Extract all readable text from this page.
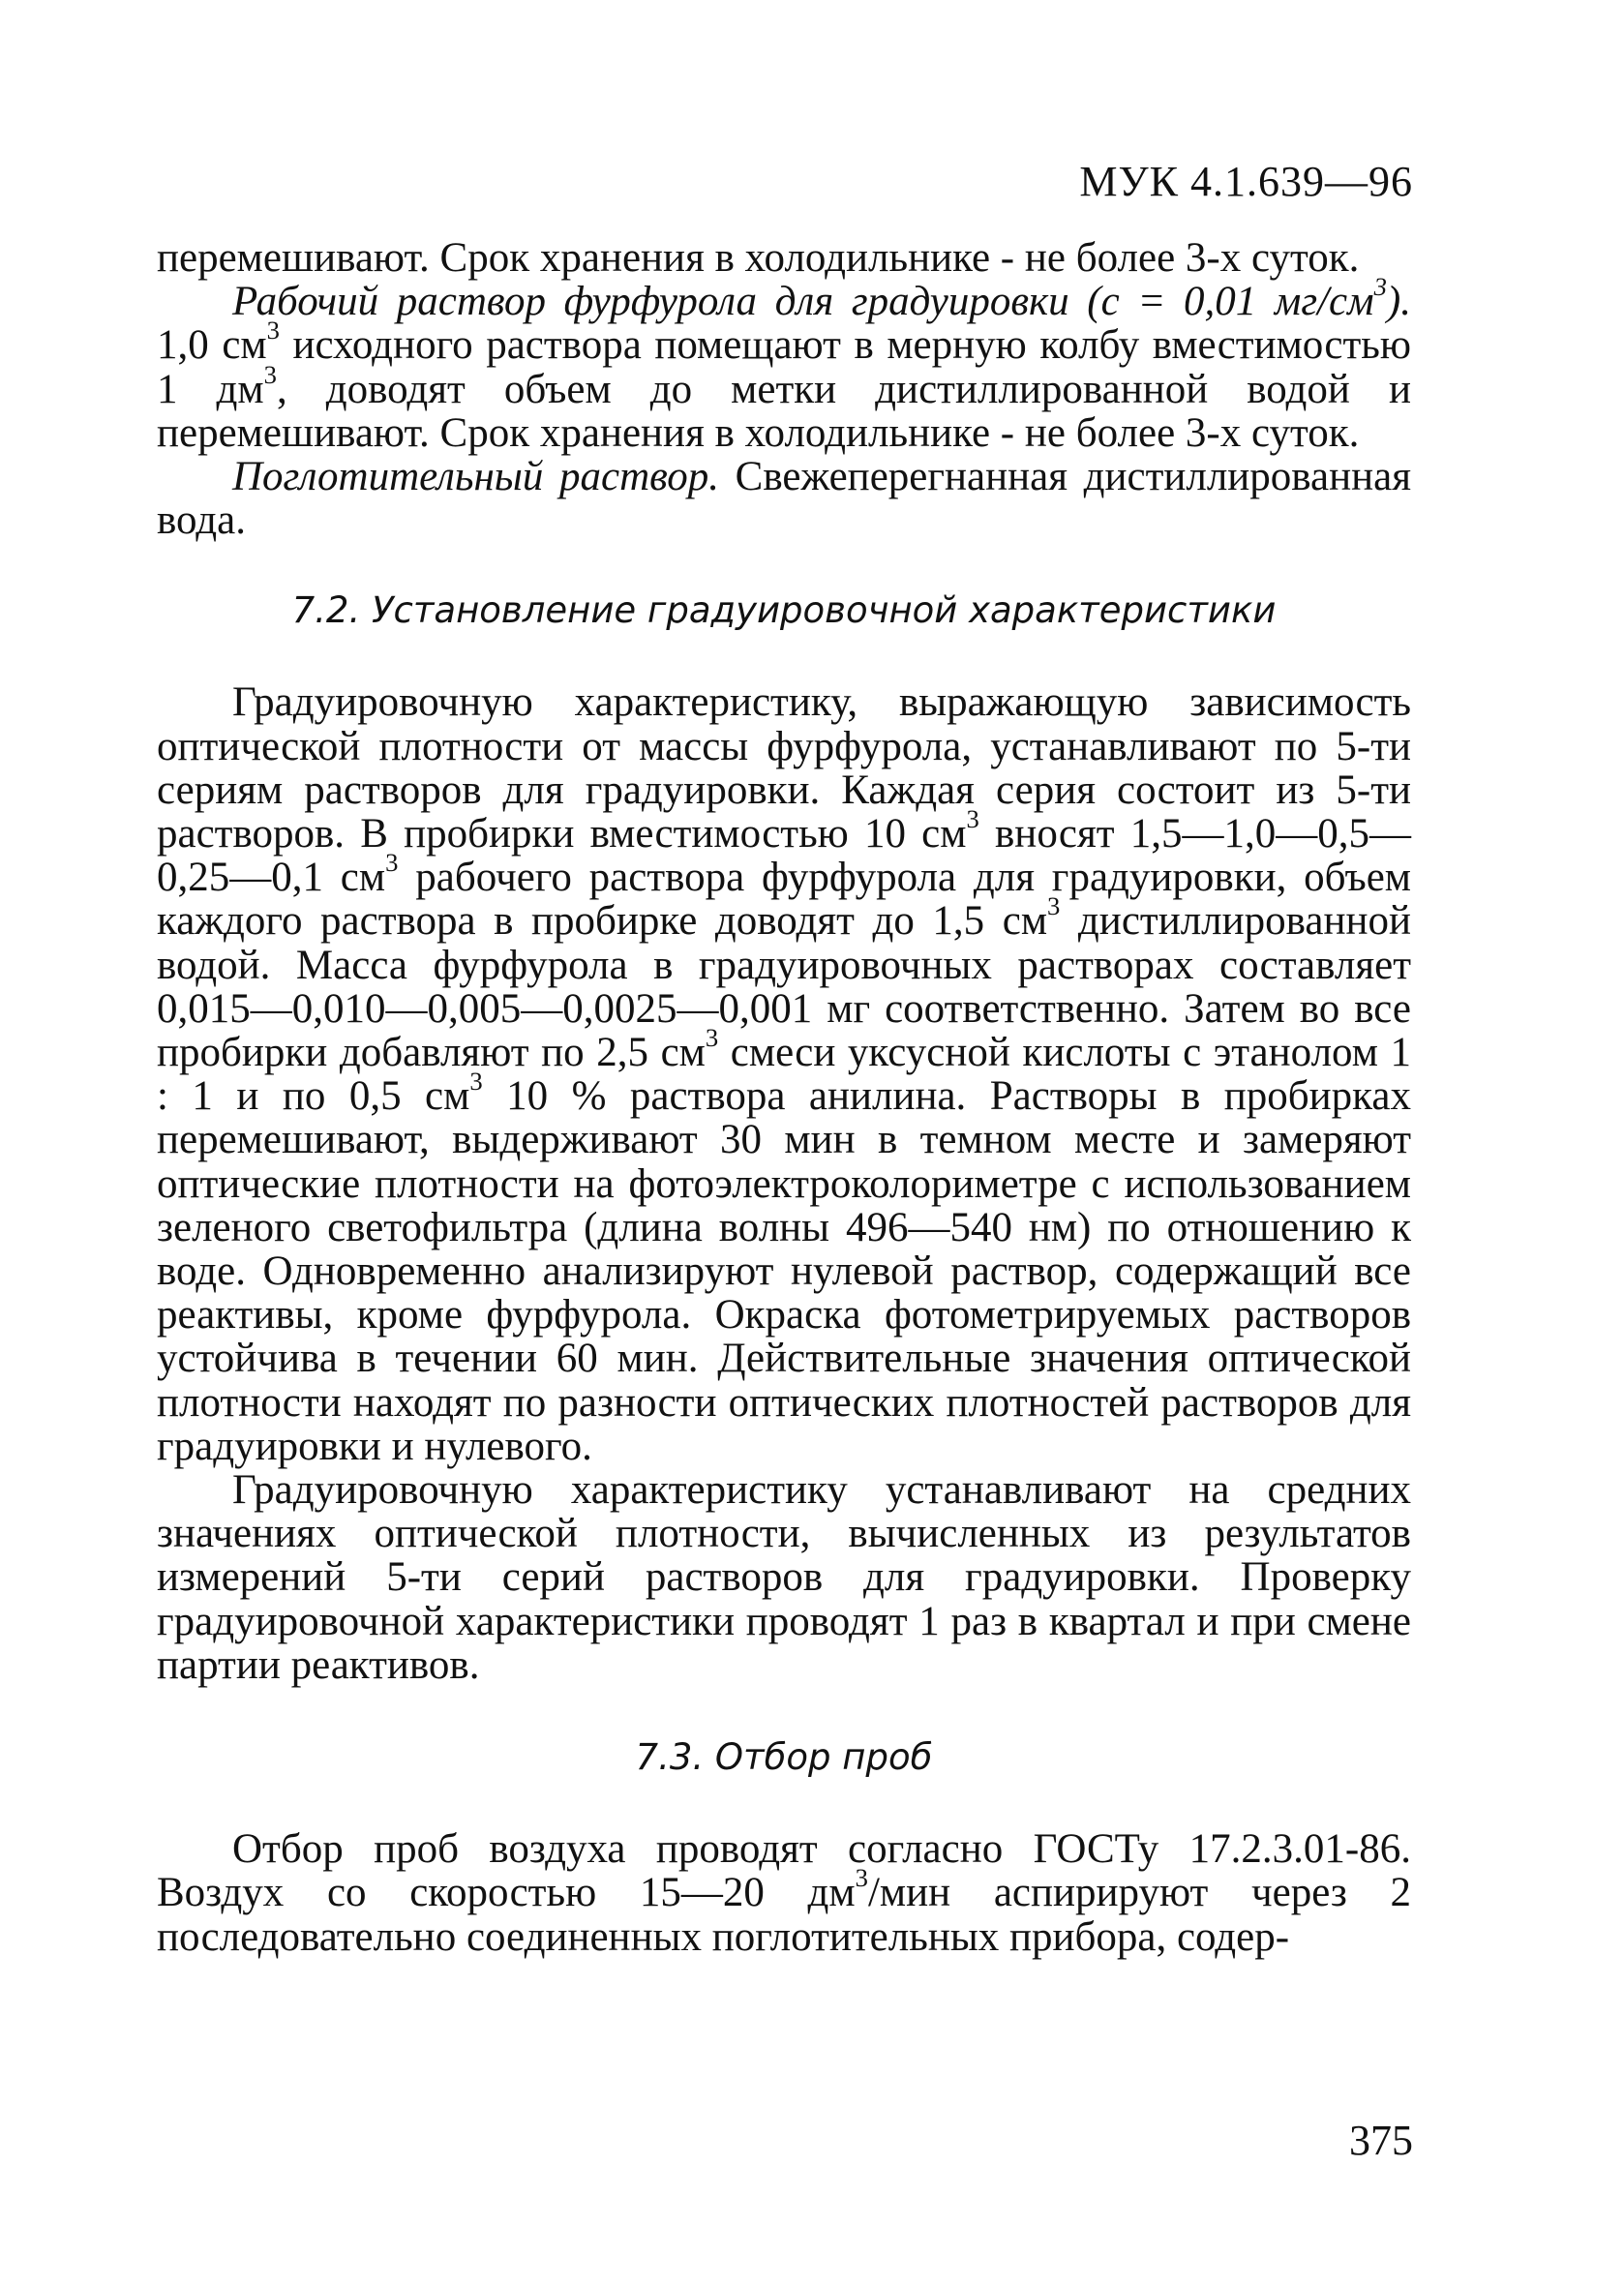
МУК 4.1.639—96

перемешивают. Срок хранения в холодильнике - не более 3-х суток.

Рабочий раствор фурфурола для градуировки (с = 0,01 $мг/см^3$). 1,0 $см^3$ исходного раствора помещают в мерную колбу вместимостью 1 $дм^3$, доводят объем до метки дистиллированной водой и перемешивают. Срок хранения в холодильнике - не более 3-х суток.

Поглотительный раствор. Свежеперегнанная дистиллированная вода.

7.2. Установление градуировочной характеристики

Градуировочную характеристику, выражающую зависимость оптической плотности от массы фурфурола, устанавливают по 5-ти сериям растворов для градуировки. Каждая серия состоит из 5-ти растворов. В пробирки вместимостью 10 $см^3$ вносят 1,5—1,0—0,5—0,25—0,1 $см^3$ рабочего раствора фурфурола для градуировки, объем каждого раствора в пробирке доводят до 1,5 $см^3$ дистиллированной водой. Масса фурфурола в градуировочных растворах составляет 0,015—0,010—0,005—0,0025—0,001 мг соответственно. Затем во все пробирки добавляют по 2,5 $см^3$ смеси уксусной кислоты с этанолом 1 : 1 и по 0,5 $см^3$ 10 % раствора анилина. Растворы в пробирках перемешивают, выдерживают 30 мин в темном месте и замеряют оптические плотности на фотоэлектроколориметре с использованием зеленого светофильтра (длина волны 496—540 нм) по отношению к воде. Одновременно анализируют нулевой раствор, содержащий все реактивы, кроме фурфурола. Окраска фотометрируемых растворов устойчива в течении 60 мин. Действительные значения оптической плотности находят по разности оптических плотностей растворов для градуировки и нулевого.

Градуировочную характеристику устанавливают на средних значениях оптической плотности, вычисленных из результатов измерений 5-ти серий растворов для градуировки. Проверку градуировочной характеристики проводят 1 раз в квартал и при смене партии реактивов.

7.3. Отбор проб

Отбор проб воздуха проводят согласно ГОСТу 17.2.3.01-86. Воздух со скоростью 15—20 $дм^3$/мин аспирируют через 2 последовательно соединенных поглотительных прибора, содер-

375
